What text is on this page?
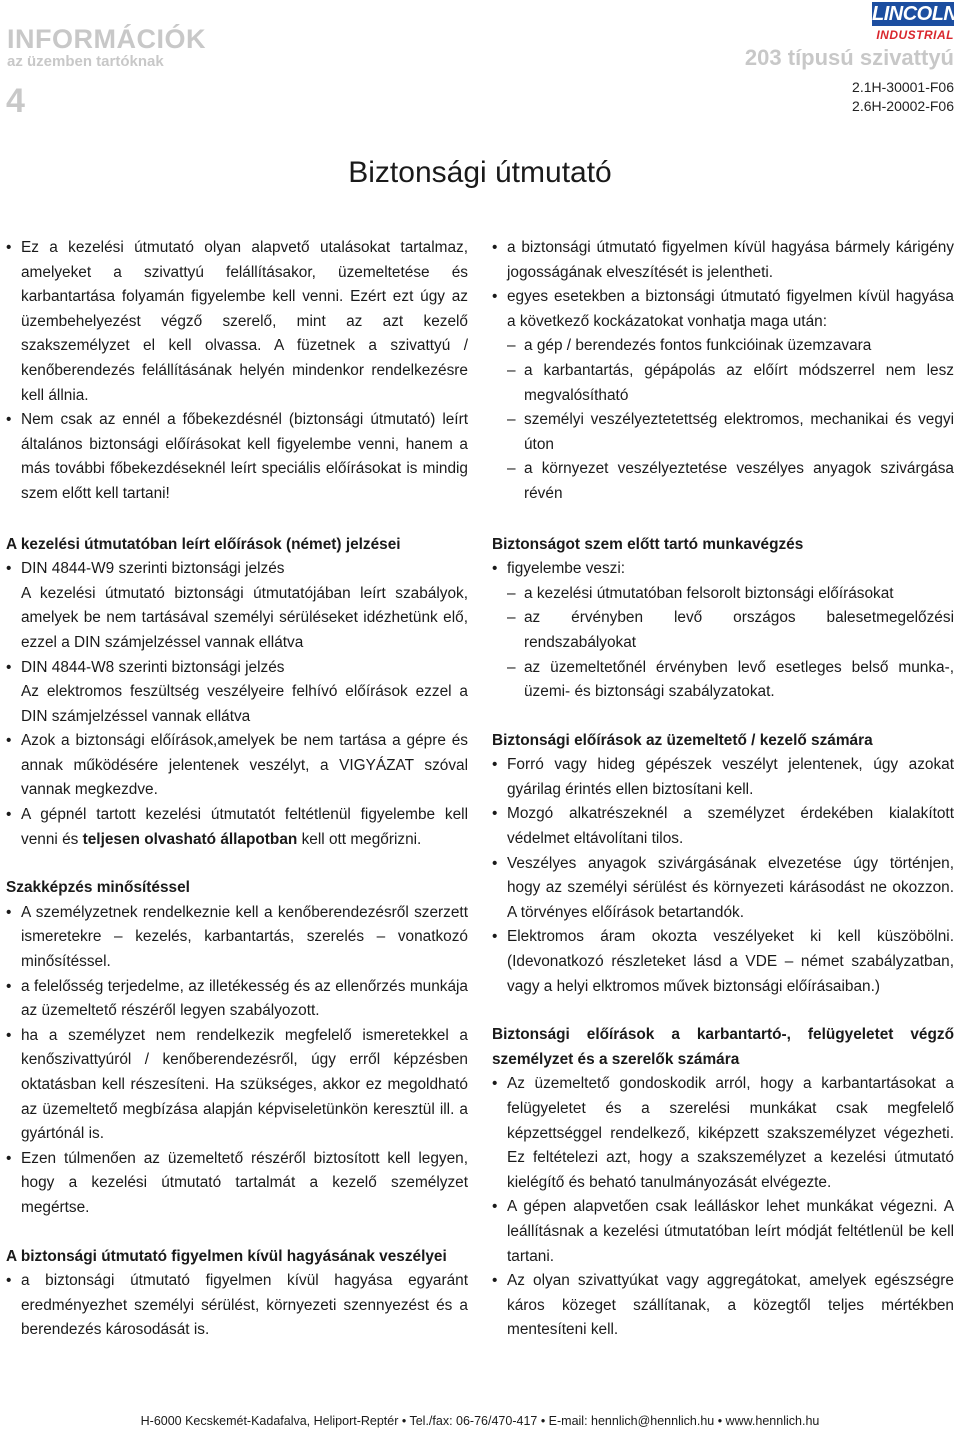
INFORMÁCIÓK
az üzemben tartóknak
4
LINCOLN
INDUSTRIAL
203 típusú szivattyú
2.1H-30001-F06
2.6H-20002-F06
Biztonsági útmutató

• Ez a kezelési útmutató olyan alapvető utalásokat tartalmaz, amelyeket a szivattyú felállításakor, üzemeltetése és karbantartása folyamán figyelembe kell venni. Ezért ezt úgy az üzembehelyezést végző szerelő, mint az azt kezelő szakszemélyzet el kell olvassa. A füzetnek a szivattyú / kenőberendezés felállításának helyén mindenkor rendelkezésre kell állnia.

• Nem csak az ennél a főbekezdésnél (biztonsági útmutató) leírt általános biztonsági előírásokat kell figyelembe venni, hanem a más további főbekezdéseknél leírt speciális előírásokat is mindig szem előtt kell tartani!

A kezelési útmutatóban leírt előírások (német) jelzései

• DIN 4844-W9 szerinti biztonsági jelzés

A kezelési útmutató biztonsági útmutatójában leírt szabályok, amelyek be nem tartásával személyi sérüléseket idézhetünk elő, ezzel a DIN számjelzéssel vannak ellátva

• DIN 4844-W8 szerinti biztonsági jelzés

Az elektromos feszültség veszélyeire felhívó előírások ezzel a DIN számjelzéssel vannak ellátva

• Azok a biztonsági előírások,amelyek be nem tartása a gépre és annak működésére jelentenek veszélyt, a VIGYÁZAT szóval vannak megkezdve.

• A gépnél tartott kezelési útmutatót feltétlenül figyelembe kell venni és teljesen olvasható állapotban kell ott megőrizni.

Szakképzés minősítéssel

• A személyzetnek rendelkeznie kell a kenőberendezésről szerzett ismeretekre – kezelés, karbantartás, szerelés – vonatkozó minősítéssel.

• a felelősség terjedelme, az illetékesség és az ellenőrzés munkája az üzemeltető részéről legyen szabályozott.

• ha a személyzet nem rendelkezik megfelelő ismeretekkel a kenőszivattyúról / kenőberendezésről, úgy erről képzésben oktatásban kell részesíteni. Ha szükséges, akkor ez megoldható az üzemeltető megbízása alapján képviseletünkön keresztül ill. a gyártónál is.

• Ezen túlmenően az üzemeltető részéről biztosított kell legyen, hogy a kezelési útmutató tartalmát a kezelő személyzet megértse.

A biztonsági útmutató figyelmen kívül hagyásának veszélyei

• a biztonsági útmutató figyelmen kívül hagyása egyaránt eredményezhet személyi sérülést, környezeti szennyezést és a berendezés károsodását is.

• a biztonsági útmutató figyelmen kívül hagyása bármely kárigény jogosságának elveszítését is jelentheti.

• egyes esetekben a biztonsági útmutató figyelmen kívül hagyása a következő kockázatokat vonhatja maga után:

– a gép / berendezés fontos funkcióinak üzemzavara

– a karbantartás, gépápolás az előírt módszerrel nem lesz megvalósítható

– személyi veszélyeztetettség elektromos, mechanikai és vegyi úton

– a környezet veszélyeztetése veszélyes anyagok szivárgása révén

Biztonságot szem előtt tartó munkavégzés

• figyelembe veszi:

– a kezelési útmutatóban felsorolt biztonsági előírásokat

– az érvényben levő országos balesetmegelőzési rendszabályokat

– az üzemeltetőnél érvényben levő esetleges belső munka-, üzemi- és biztonsági szabályzatokat.

Biztonsági előírások az üzemeltető / kezelő számára

• Forró vagy hideg gépészek veszélyt jelentenek, úgy azokat gyárilag érintés ellen biztosítani kell.

• Mozgó alkatrészeknél a személyzet érdekében kialakított védelmet eltávolítani tilos.

• Veszélyes anyagok szivárgásának elvezetése úgy történjen, hogy az személyi sérülést és környezeti kárásodást ne okozzon. A törvényes előírások betartandók.

• Elektromos áram okozta veszélyeket ki kell küszöbölni. (Idevonatkozó részleteket lásd a VDE – német szabályzatban, vagy a helyi elktromos művek biztonsági előírásaiban.)

Biztonsági előírások a karbantartó-, felügyeletet végző személyzet és a szerelők számára

• Az üzemeltető gondoskodik arról, hogy a karbantartásokat a felügyeletet és a szerelési munkákat csak megfelelő képzettséggel rendelkező, kiképzett szakszemélyzet végezheti. Ez feltételezi azt, hogy a szakszemélyzet a kezelési útmutató kielégítő és beható tanulmányozását elvégezte.

• A gépen alapvetően csak leálláskor lehet munkákat végezni. A leállításnak a kezelési útmutatóban leírt módját feltétlenül be kell tartani.

• Az olyan szivattyúkat vagy aggregátokat, amelyek egészségre káros közeget szállítanak, a közegtől teljes mértékben mentesíteni kell.

H-6000 Kecskemét-Kadafalva, Heliport-Reptér • Tel./fax: 06-76/470-417 • E-mail: hennlich@hennlich.hu • www.hennlich.hu
